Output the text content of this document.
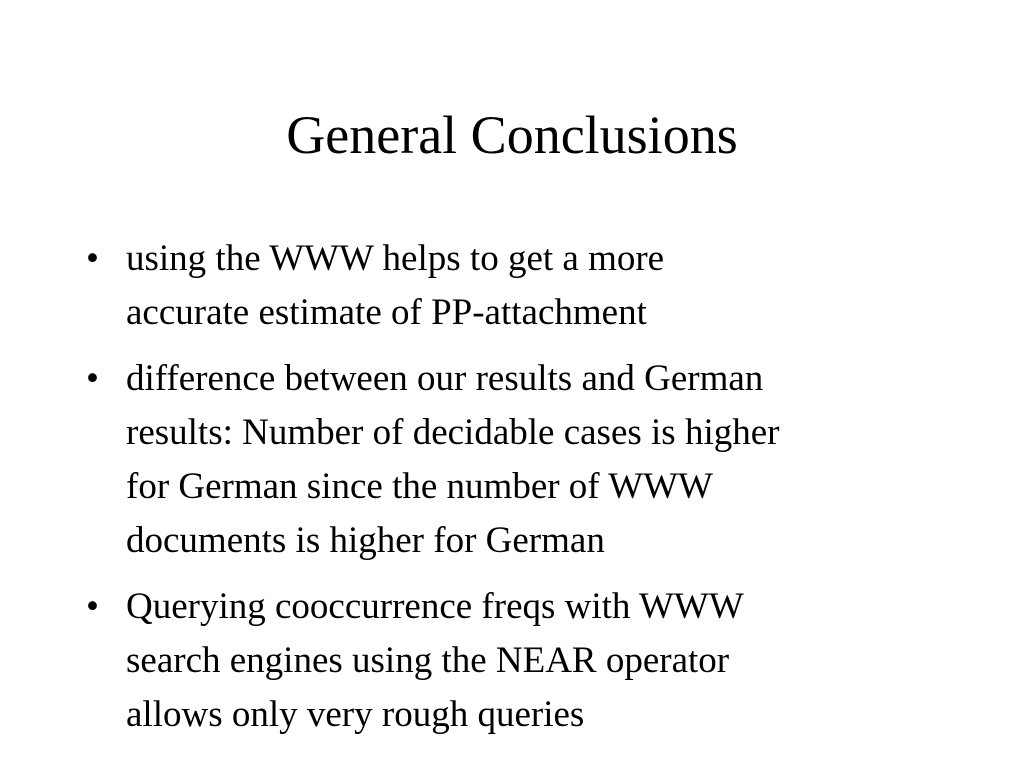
General Conclusions
• using the WWW helps to get a more
accurate estimate of PP-attachment
• difference between our results and German
results: Number of decidable cases is higher
for German since the number of WWW
documents is higher for German
• Querying cooccurrence freqs with WWW
search engines using the NEAR operator
allows only very rough queries
